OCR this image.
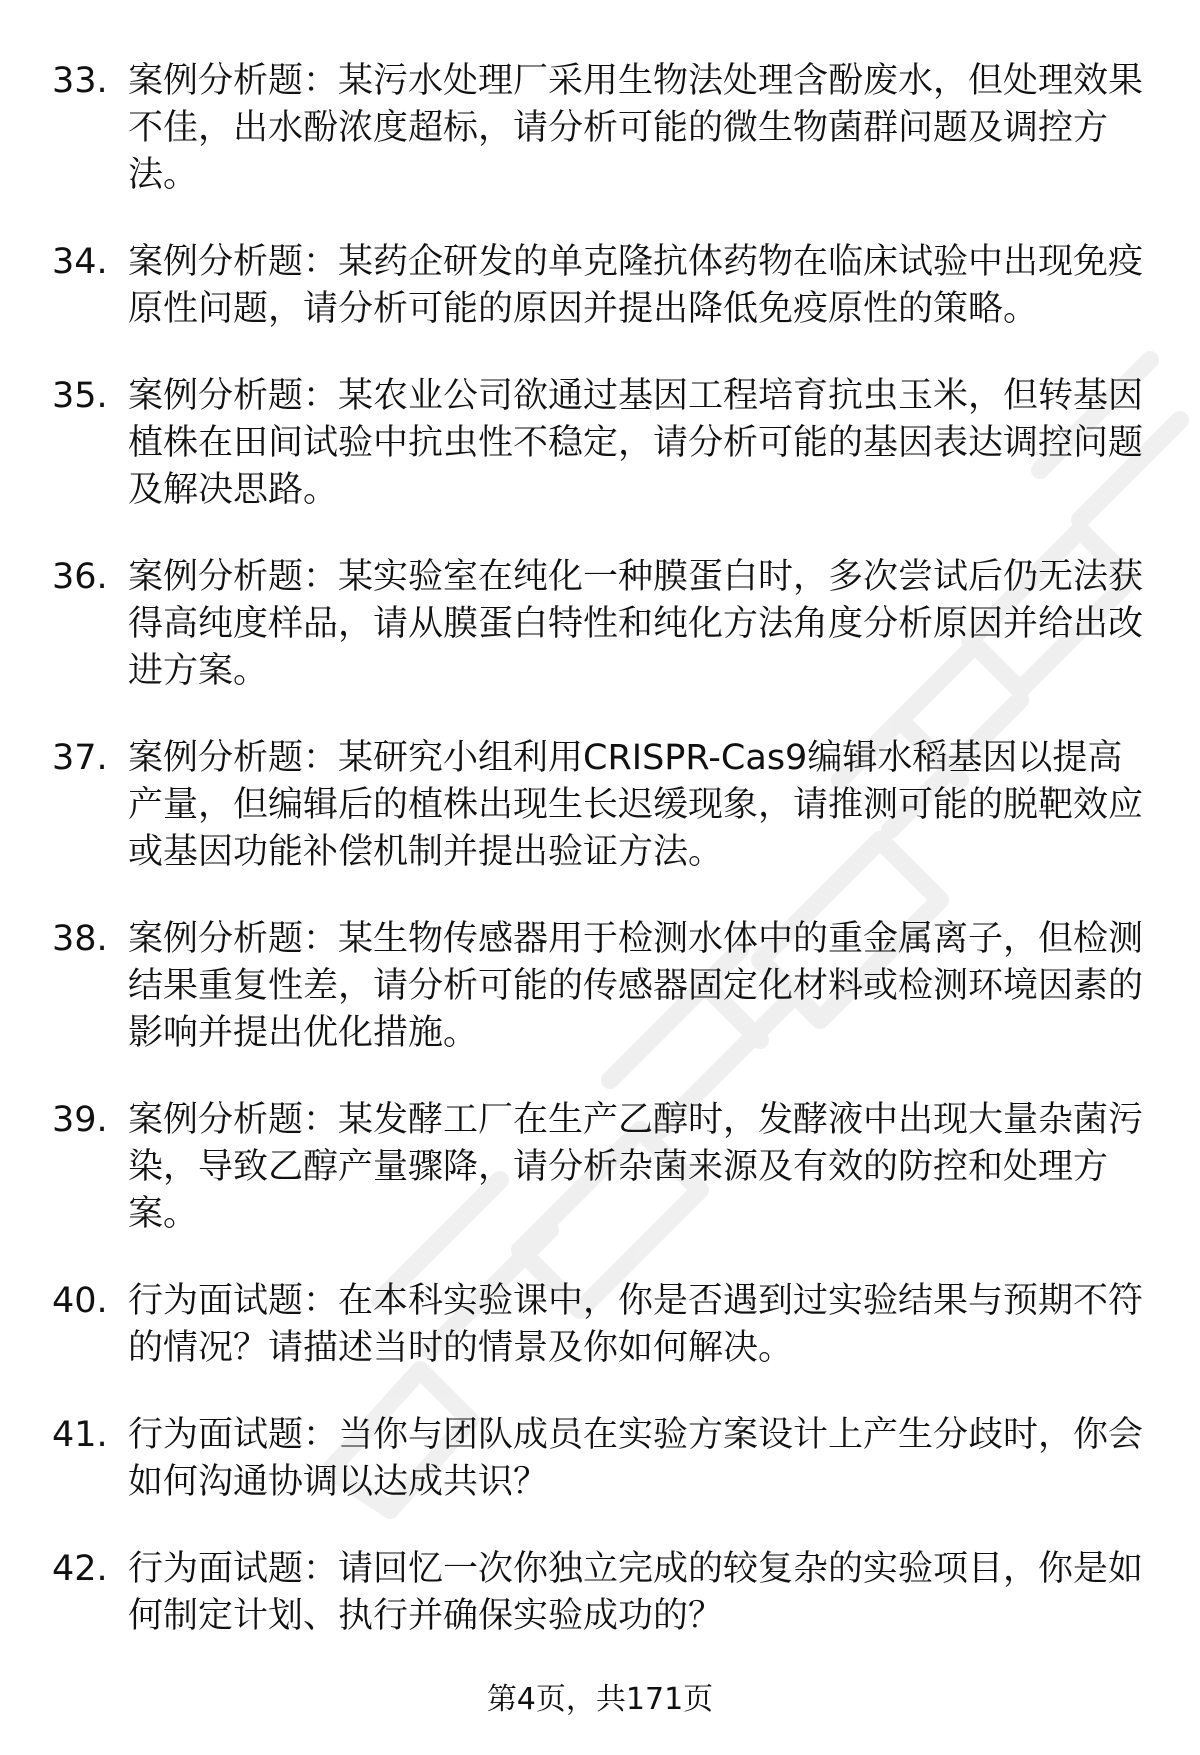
33. 案例分析题：某污水处理厂采用生物法处理含酚废水，但处理效果不佳，出水酚浓度超标，请分析可能的微生物菌群问题及调控方法。
34. 案例分析题：某药企研发的单克隆抗体药物在临床试验中出现免疫原性问题，请分析可能的原因并提出降低免疫原性的策略。
35. 案例分析题：某农业公司欲通过基因工程培育抗虫玉米，但转基因植株在田间试验中抗虫性不稳定，请分析可能的基因表达调控问题及解决思路。
36. 案例分析题：某实验室在纯化一种膜蛋白时，多次尝试后仍无法获得高纯度样品，请从膜蛋白特性和纯化方法角度分析原因并给出改进方案。
37. 案例分析题：某研究小组利用CRISPR-Cas9编辑水稻基因以提高产量，但编辑后的植株出现生长迟缓现象，请推测可能的脱靶效应或基因功能补偿机制并提出验证方法。
38. 案例分析题：某生物传感器用于检测水体中的重金属离子，但检测结果重复性差，请分析可能的传感器固定化材料或检测环境因素的影响并提出优化措施。
39. 案例分析题：某发酵工厂在生产乙醇时，发酵液中出现大量杂菌污染，导致乙醇产量骤降，请分析杂菌来源及有效的防控和处理方案。
40. 行为面试题：在本科实验课中，你是否遇到过实验结果与预期不符的情况？请描述当时的情景及你如何解决。
41. 行为面试题：当你与团队成员在实验方案设计上产生分歧时，你会如何沟通协调以达成共识？
42. 行为面试题：请回忆一次你独立完成的较复杂的实验项目，你是如何制定计划、执行并确保实验成功的？
第4页，共171页
